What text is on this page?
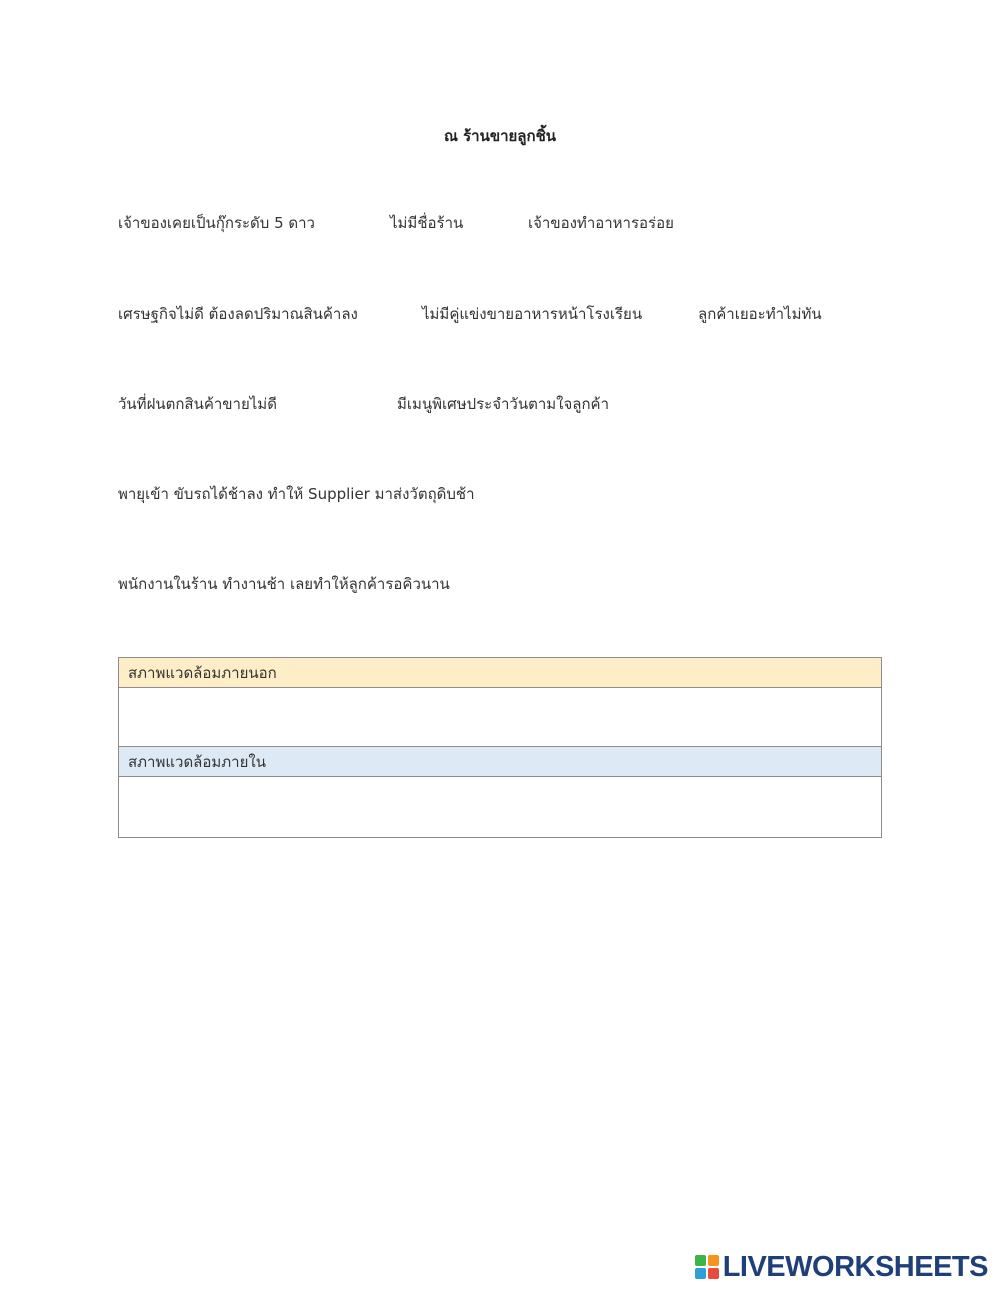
ณ ร้านขายลูกชิ้น
เจ้าของเคยเป็นกุ๊กระดับ 5 ดาว	ไม่มีชื่อร้าน	เจ้าของทำอาหารอร่อย
เศรษฐกิจไม่ดี ต้องลดปริมาณสินค้าลง	ไม่มีคู่แข่งขายอาหารหน้าโรงเรียน	ลูกค้าเยอะทำไม่ทัน
วันที่ฝนตกสินค้าขายไม่ดี	มีเมนูพิเศษประจำวันตามใจลูกค้า
พายุเข้า ขับรถได้ช้าลง ทำให้ Supplier มาส่งวัตถุดิบช้า
พนักงานในร้าน ทำงานช้า เลยทำให้ลูกค้ารอคิวนาน
สภาพแวดล้อมภายนอก
สภาพแวดล้อมภายใน
LIVEWORKSHEETS
